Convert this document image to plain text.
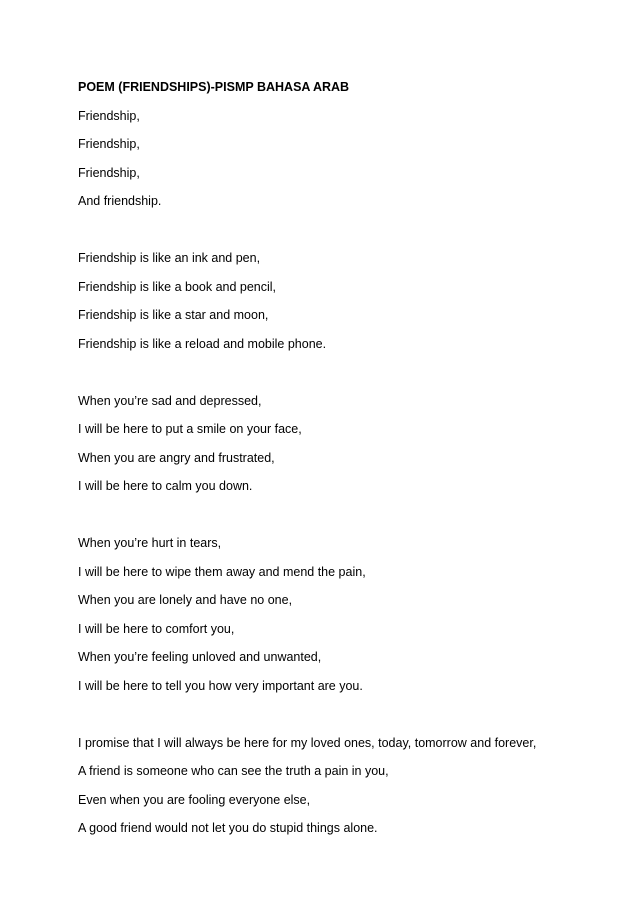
POEM (FRIENDSHIPS)-PISMP BAHASA ARAB
Friendship,
Friendship,
Friendship,
And friendship.
Friendship is like an ink and pen,
Friendship is like a book and pencil,
Friendship is like a star and moon,
Friendship is like a reload and mobile phone.
When you’re sad and depressed,
I will be here to put a smile on your face,
When you are angry and frustrated,
I will be here to calm you down.
When you’re hurt in tears,
I will be here to wipe them away and mend the pain,
When you are lonely and have no one,
I will be here to comfort you,
When you’re feeling unloved and unwanted,
I will be here to tell you how very important are you.
I promise that I will always be here for my loved ones, today, tomorrow and forever,
A friend is someone who can see the truth a pain in you,
Even when you are fooling everyone else,
A good friend would not let you do stupid things alone.
